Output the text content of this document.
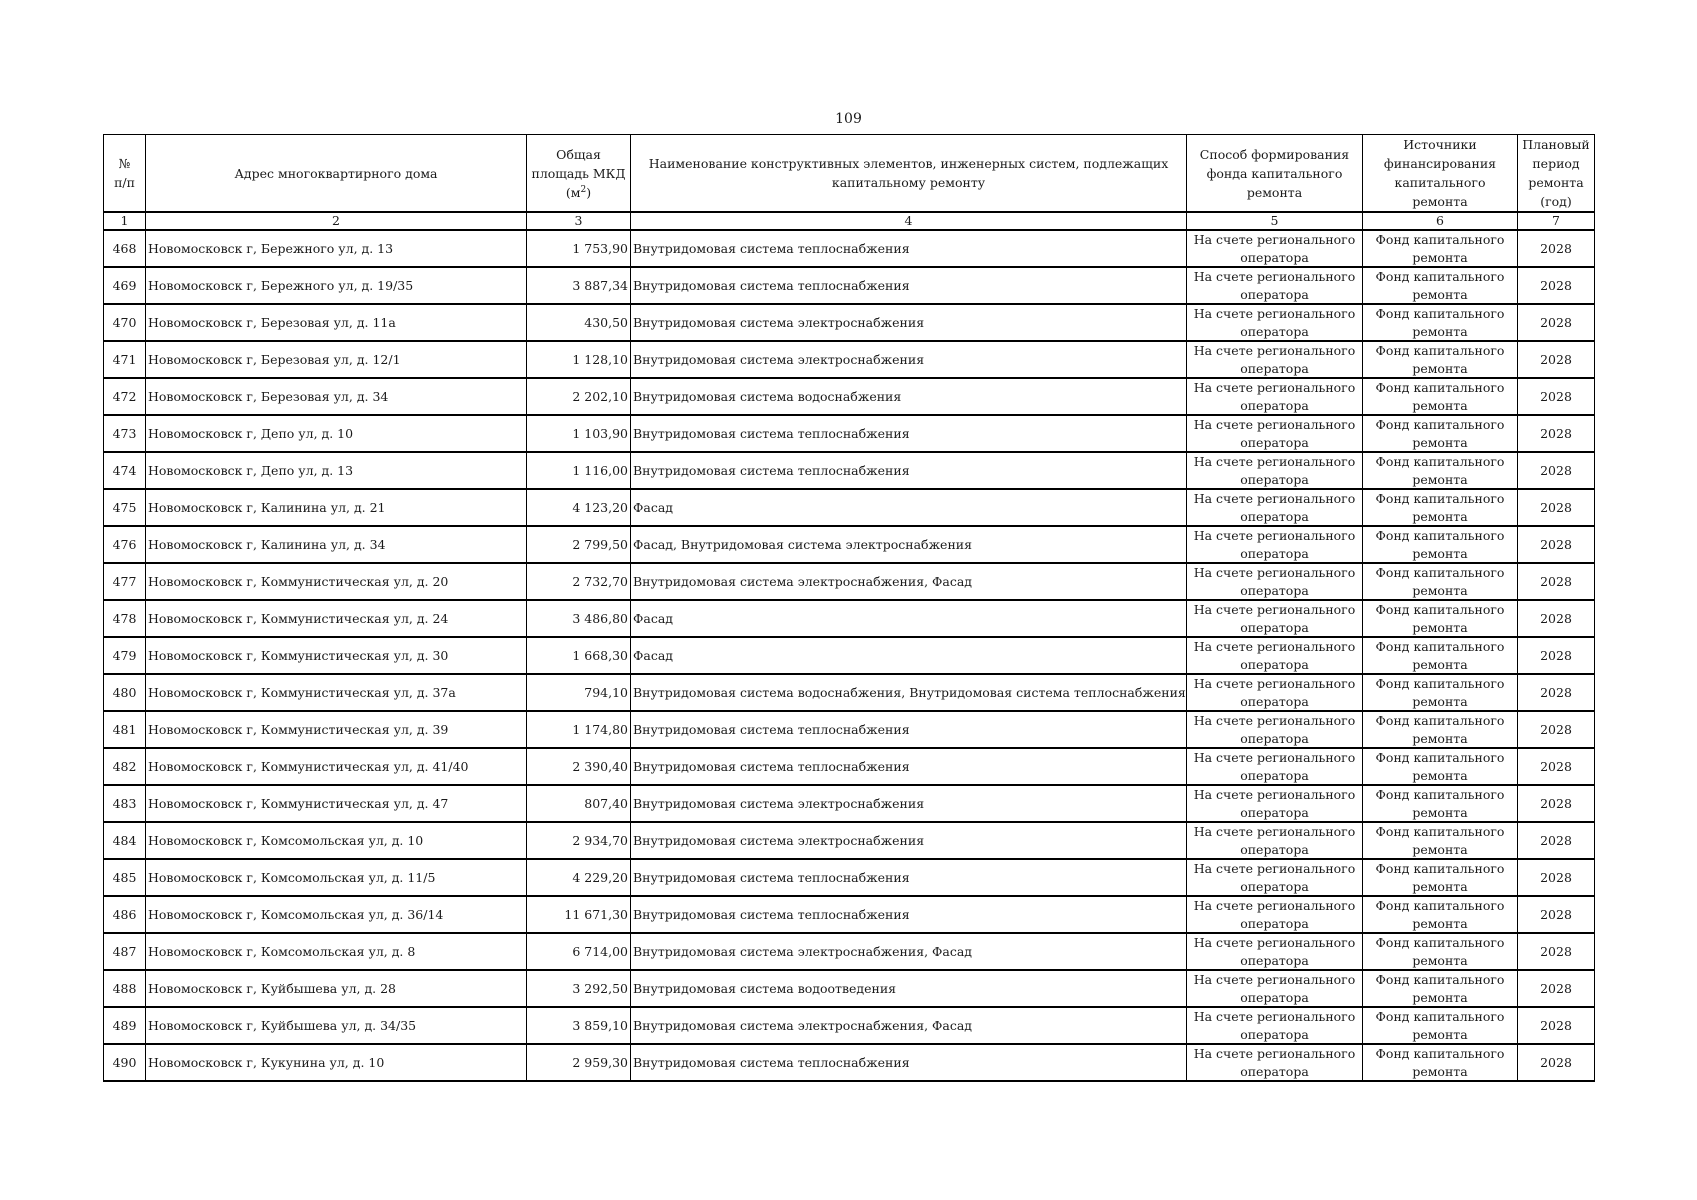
109
№
п/п	Адрес многоквартирного дома	Общая
площадь МКД
$(м^2)$	Наименование конструктивных элементов, инженерных систем, подлежащих
капитальному ремонту	Способ формирования
фонда капитального
ремонта	Источники
финансирования
капитального ремонта	Плановый
период
ремонта
(год)

1	2	3	4	5	6	7
468	Новомосковск г, Бережного ул, д. 13	1 753,90	Внутридомовая система теплоснабжения	На счете регионального
оператора	Фонд капитального
ремонта	2028
469	Новомосковск г, Бережного ул, д. 19/35	3 887,34	Внутридомовая система теплоснабжения	На счете регионального
оператора	Фонд капитального
ремонта	2028
470	Новомосковск г, Березовая ул, д. 11а	430,50	Внутридомовая система электроснабжения	На счете регионального
оператора	Фонд капитального
ремонта	2028
471	Новомосковск г, Березовая ул, д. 12/1	1 128,10	Внутридомовая система электроснабжения	На счете регионального
оператора	Фонд капитального
ремонта	2028
472	Новомосковск г, Березовая ул, д. 34	2 202,10	Внутридомовая система водоснабжения	На счете регионального
оператора	Фонд капитального
ремонта	2028
473	Новомосковск г, Депо ул, д. 10	1 103,90	Внутридомовая система теплоснабжения	На счете регионального
оператора	Фонд капитального
ремонта	2028
474	Новомосковск г, Депо ул, д. 13	1 116,00	Внутридомовая система теплоснабжения	На счете регионального
оператора	Фонд капитального
ремонта	2028
475	Новомосковск г, Калинина ул, д. 21	4 123,20	Фасад	На счете регионального
оператора	Фонд капитального
ремонта	2028
476	Новомосковск г, Калинина ул, д. 34	2 799,50	Фасад, Внутридомовая система электроснабжения	На счете регионального
оператора	Фонд капитального
ремонта	2028
477	Новомосковск г, Коммунистическая ул, д. 20	2 732,70	Внутридомовая система электроснабжения, Фасад	На счете регионального
оператора	Фонд капитального
ремонта	2028
478	Новомосковск г, Коммунистическая ул, д. 24	3 486,80	Фасад	На счете регионального
оператора	Фонд капитального
ремонта	2028
479	Новомосковск г, Коммунистическая ул, д. 30	1 668,30	Фасад	На счете регионального
оператора	Фонд капитального
ремонта	2028
480	Новомосковск г, Коммунистическая ул, д. 37а	794,10	Внутридомовая система водоснабжения, Внутридомовая система теплоснабжения	На счете регионального
оператора	Фонд капитального
ремонта	2028
481	Новомосковск г, Коммунистическая ул, д. 39	1 174,80	Внутридомовая система теплоснабжения	На счете регионального
оператора	Фонд капитального
ремонта	2028
482	Новомосковск г, Коммунистическая ул, д. 41/40	2 390,40	Внутридомовая система теплоснабжения	На счете регионального
оператора	Фонд капитального
ремонта	2028
483	Новомосковск г, Коммунистическая ул, д. 47	807,40	Внутридомовая система электроснабжения	На счете регионального
оператора	Фонд капитального
ремонта	2028
484	Новомосковск г, Комсомольская ул, д. 10	2 934,70	Внутридомовая система электроснабжения	На счете регионального
оператора	Фонд капитального
ремонта	2028
485	Новомосковск г, Комсомольская ул, д. 11/5	4 229,20	Внутридомовая система теплоснабжения	На счете регионального
оператора	Фонд капитального
ремонта	2028
486	Новомосковск г, Комсомольская ул, д. 36/14	11 671,30	Внутридомовая система теплоснабжения	На счете регионального
оператора	Фонд капитального
ремонта	2028
487	Новомосковск г, Комсомольская ул, д. 8	6 714,00	Внутридомовая система электроснабжения, Фасад	На счете регионального
оператора	Фонд капитального
ремонта	2028
488	Новомосковск г, Куйбышева ул, д. 28	3 292,50	Внутридомовая система водоотведения	На счете регионального
оператора	Фонд капитального
ремонта	2028
489	Новомосковск г, Куйбышева ул, д. 34/35	3 859,10	Внутридомовая система электроснабжения, Фасад	На счете регионального
оператора	Фонд капитального
ремонта	2028
490	Новомосковск г, Кукунина ул, д. 10	2 959,30	Внутридомовая система теплоснабжения	На счете регионального
оператора	Фонд капитального
ремонта	2028
